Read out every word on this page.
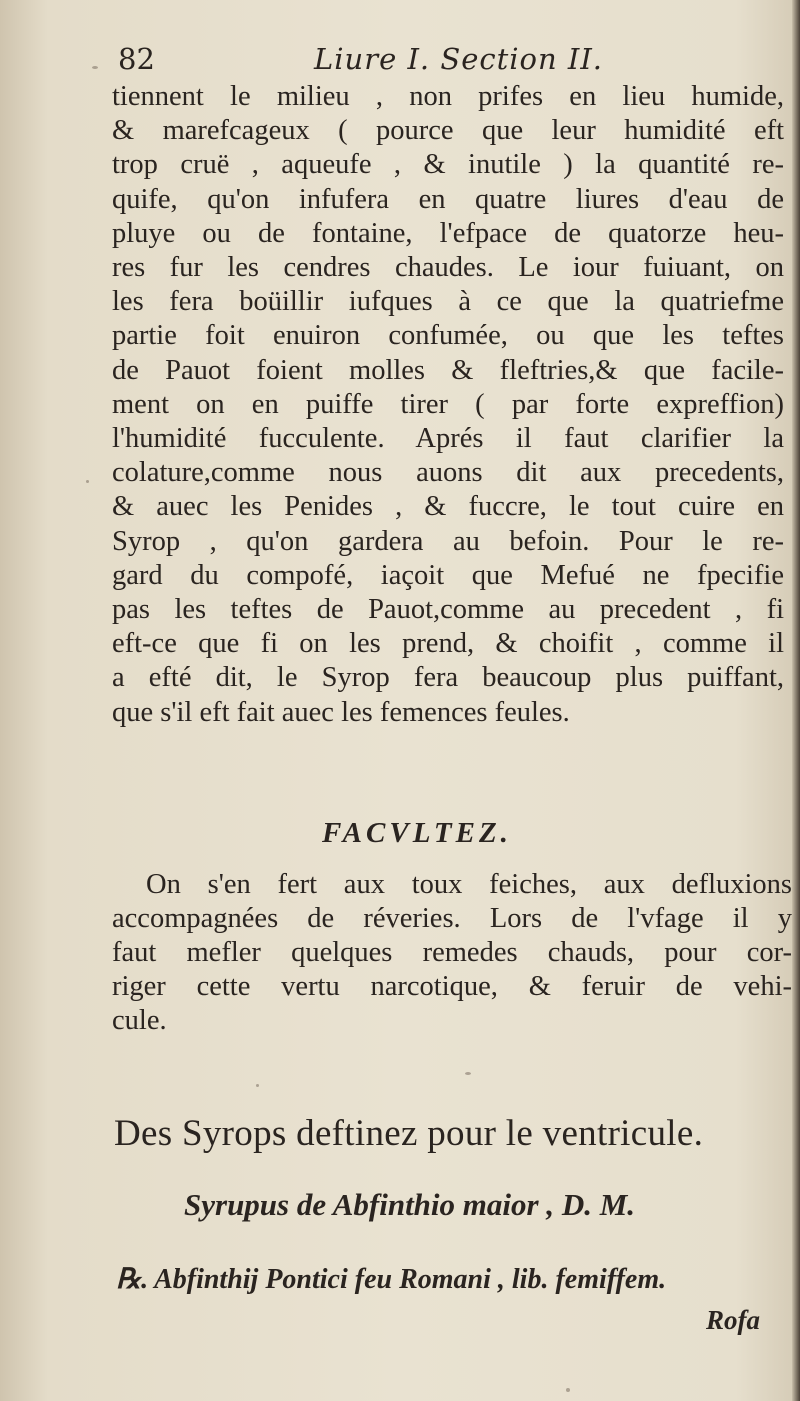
82	Liure I. Section II.
tiennent le milieu , non prifes en lieu humide,
& marefcageux ( pource que leur humidité eft
trop cruë , aqueufe , & inutile ) la quantité re-
quife, qu'on infufera en quatre liures d'eau de
pluye ou de fontaine, l'efpace de quatorze heu-
res fur les cendres chaudes. Le iour fuiuant, on
les fera boüillir iufques à ce que la quatriefme
partie foit enuiron confumée, ou que les teftes
de Pauot foient molles & fleftries,& que facile-
ment on en puiffe tirer ( par forte expreffion)
l'humidité fucculente. Aprés il faut clarifier la
colature,comme nous auons dit aux precedents,
& auec les Penides , & fuccre, le tout cuire en
Syrop , qu'on gardera au befoin. Pour le re-
gard du compofé, iaçoit que Mefué ne fpecifie
pas les teftes de Pauot,comme au precedent , fi
eft-ce que fi on les prend, & choifit , comme il
a efté dit, le Syrop fera beaucoup plus puiffant,
que s'il eft fait auec les femences feules.
FACVLTEZ.
On s'en fert aux toux feiches, aux defluxions
accompagnées de réveries. Lors de l'vfage il y
faut mefler quelques remedes chauds, pour cor-
riger cette vertu narcotique, & feruir de vehi-
cule.
Des Syrops deftinez pour le ventricule.
Syrupus de Abfinthio maior , D. M.
℞. Abfinthij Pontici feu Romani , lib. femiffem.
Rofa
